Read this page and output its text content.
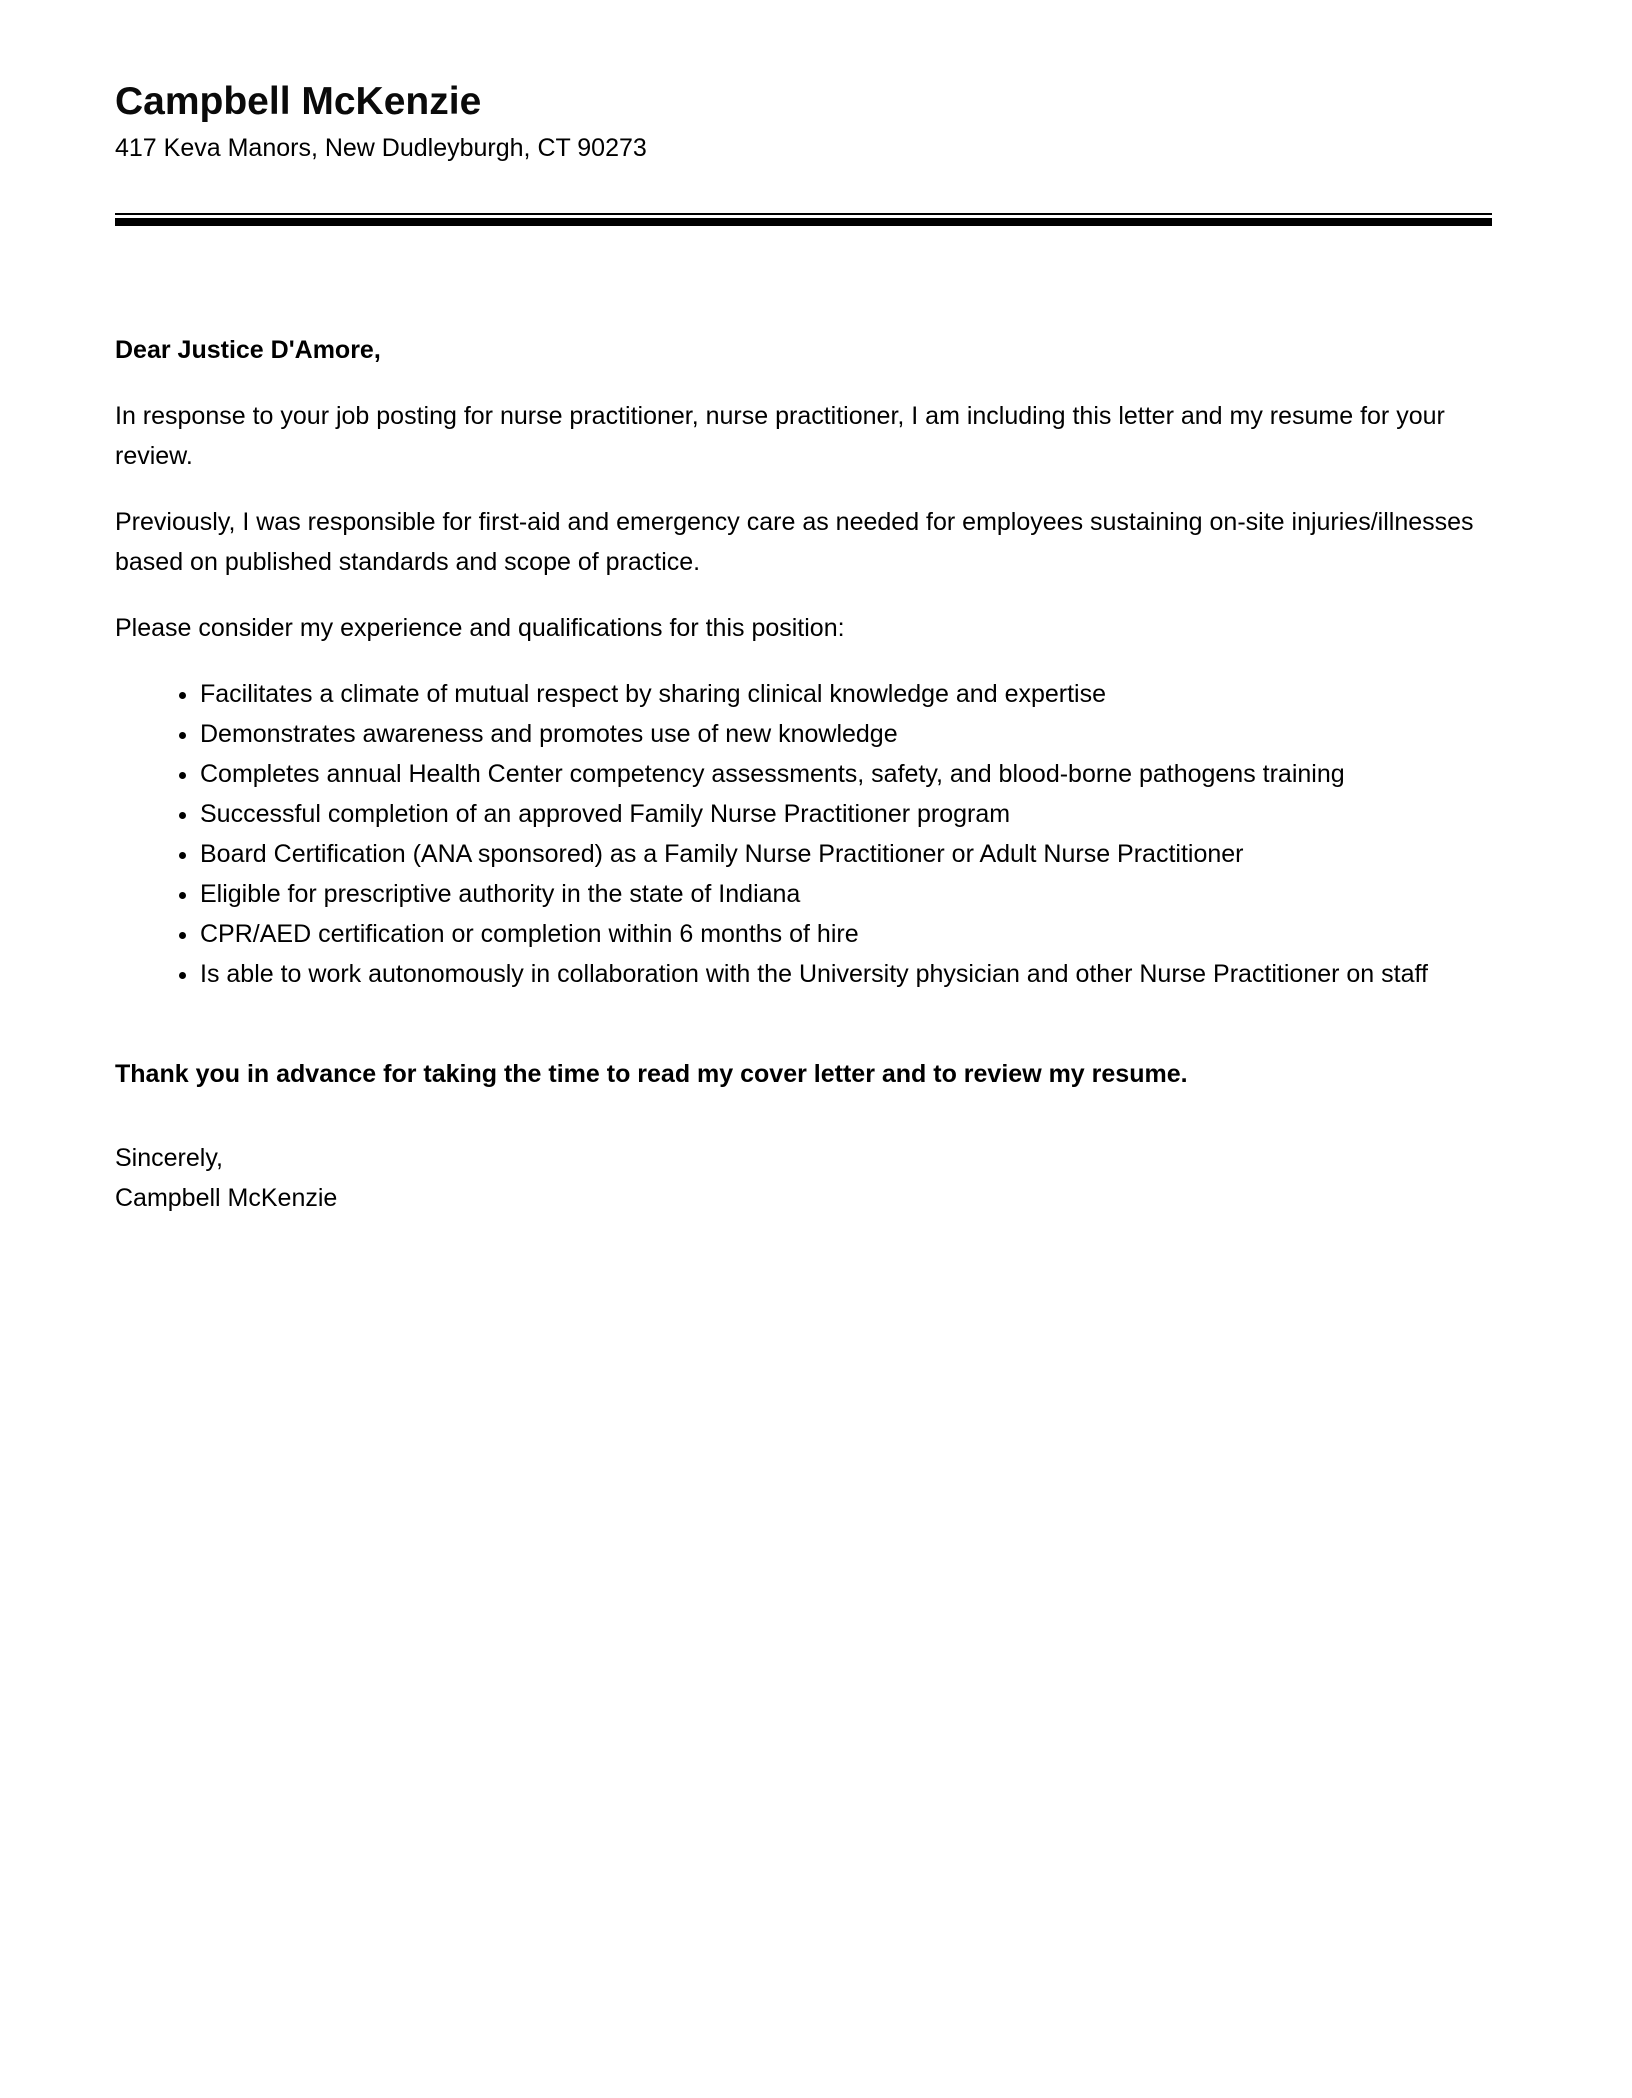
Campbell McKenzie

417 Keva Manors, New Dudleyburgh, CT 90273

Dear Justice D'Amore,

In response to your job posting for nurse practitioner, nurse practitioner, I am including this letter and my resume for your review.

Previously, I was responsible for first-aid and emergency care as needed for employees sustaining on-site injuries/illnesses based on published standards and scope of practice.

Please consider my experience and qualifications for this position:

• Facilitates a climate of mutual respect by sharing clinical knowledge and expertise
• Demonstrates awareness and promotes use of new knowledge
• Completes annual Health Center competency assessments, safety, and blood-borne pathogens training
• Successful completion of an approved Family Nurse Practitioner program
• Board Certification (ANA sponsored) as a Family Nurse Practitioner or Adult Nurse Practitioner
• Eligible for prescriptive authority in the state of Indiana
• CPR/AED certification or completion within 6 months of hire
• Is able to work autonomously in collaboration with the University physician and other Nurse Practitioner on staff

Thank you in advance for taking the time to read my cover letter and to review my resume.

Sincerely,

Campbell McKenzie
